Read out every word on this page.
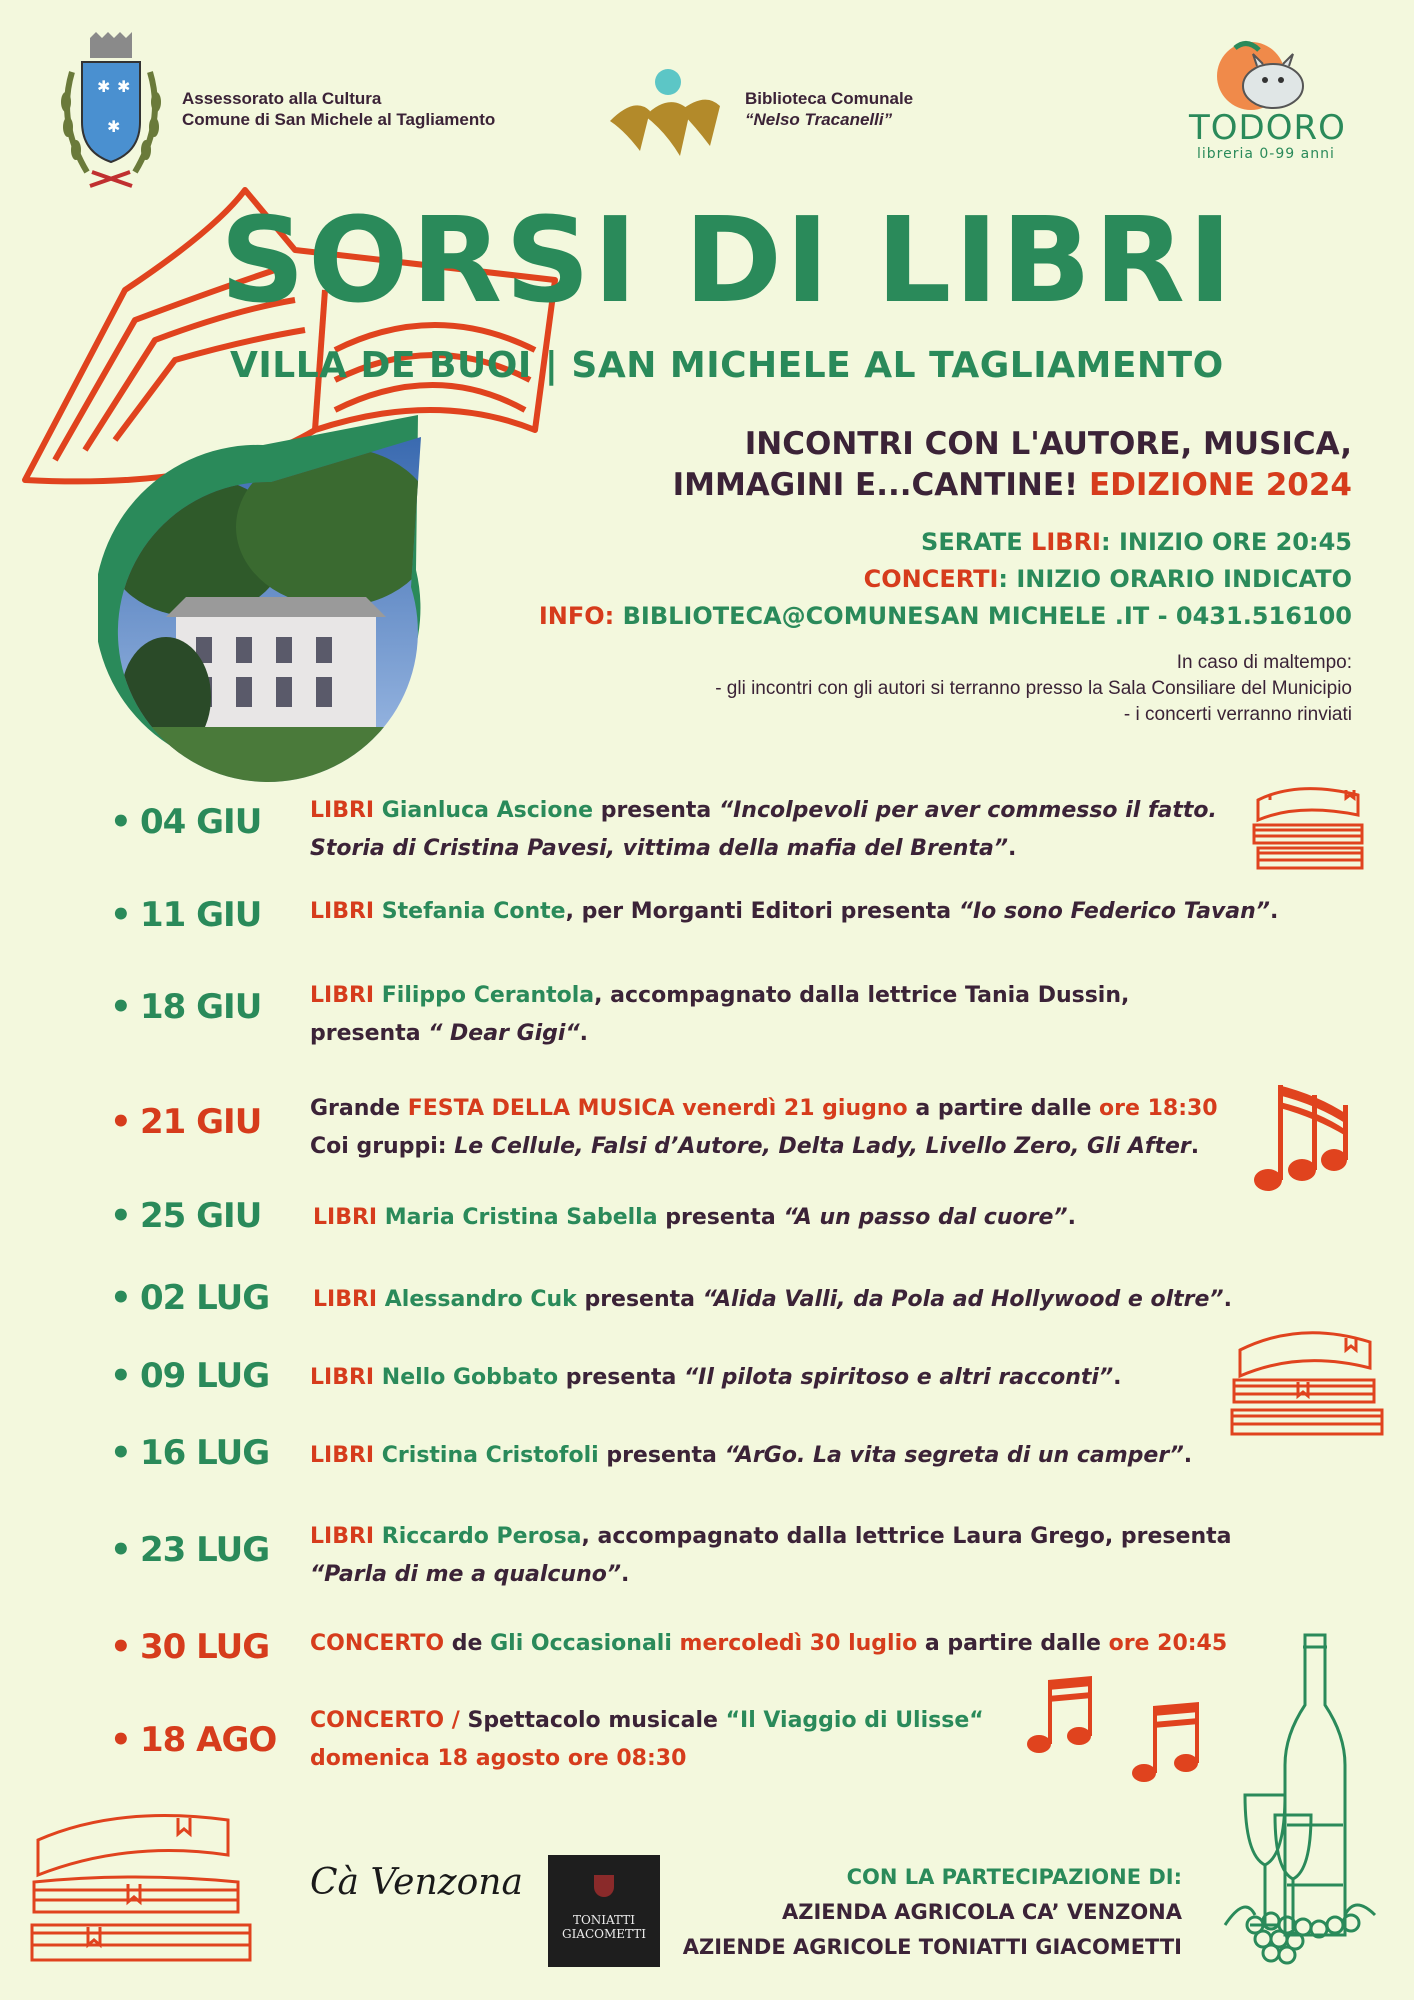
✱ ✱
✱
Assessorato alla Cultura
Comune di San Michele al Tagliamento
Biblioteca Comunale
“Nelso Tracanelli”	TODORO
libreria 0-99 anni
SORSI DI LIBRI
VILLA DE BUOI | SAN MICHELE AL TAGLIAMENTO
INCONTRI CON L'AUTORE, MUSICA,
IMMAGINI E...CANTINE! EDIZIONE 2024
SERATE LIBRI: INIZIO ORE 20:45
CONCERTI: INIZIO ORARIO INDICATO
INFO: BIBLIOTECA@COMUNESAN MICHELE .IT - 0431.516100
In caso di maltempo:
- gli incontri con gli autori si terranno presso la Sala Consiliare del Municipio
- i concerti verranno rinviati
• 04 GIU LIBRI Gianluca Ascione presenta “Incolpevoli per aver commesso il fatto.
Storia di Cristina Pavesi, vittima della mafia del Brenta”.
• 11 GIU LIBRI Stefania Conte, per Morganti Editori presenta “Io sono Federico Tavan”.
• 18 GIU LIBRI Filippo Cerantola, accompagnato dalla lettrice Tania Dussin,
presenta “ Dear Gigi“.
• 21 GIU Grande FESTA DELLA MUSICA venerdì 21 giugno a partire dalle ore 18:30
Coi gruppi: Le Cellule, Falsi d’Autore, Delta Lady, Livello Zero, Gli After.
• 25 GIU LIBRI Maria Cristina Sabella presenta “A un passo dal cuore”.
• 02 LUG LIBRI Alessandro Cuk presenta “Alida Valli, da Pola ad Hollywood e oltre”.
• 09 LUG LIBRI Nello Gobbato presenta “Il pilota spiritoso e altri racconti”.
• 16 LUG LIBRI Cristina Cristofoli presenta “ArGo. La vita segreta di un camper”.
• 23 LUG LIBRI Riccardo Perosa, accompagnato dalla lettrice Laura Grego, presenta
“Parla di me a qualcuno”.
• 30 LUG CONCERTO de Gli Occasionali mercoledì 30 luglio a partire dalle ore 20:45
• 18 AGO CONCERTO / Spettacolo musicale “Il Viaggio di Ulisse“
domenica 18 agosto ore 08:30
Cà Venzona
TONIATTI
GIACOMETTI
CON LA PARTECIPAZIONE DI:
AZIENDA AGRICOLA CA’ VENZONA
AZIENDE AGRICOLE TONIATTI GIACOMETTI
